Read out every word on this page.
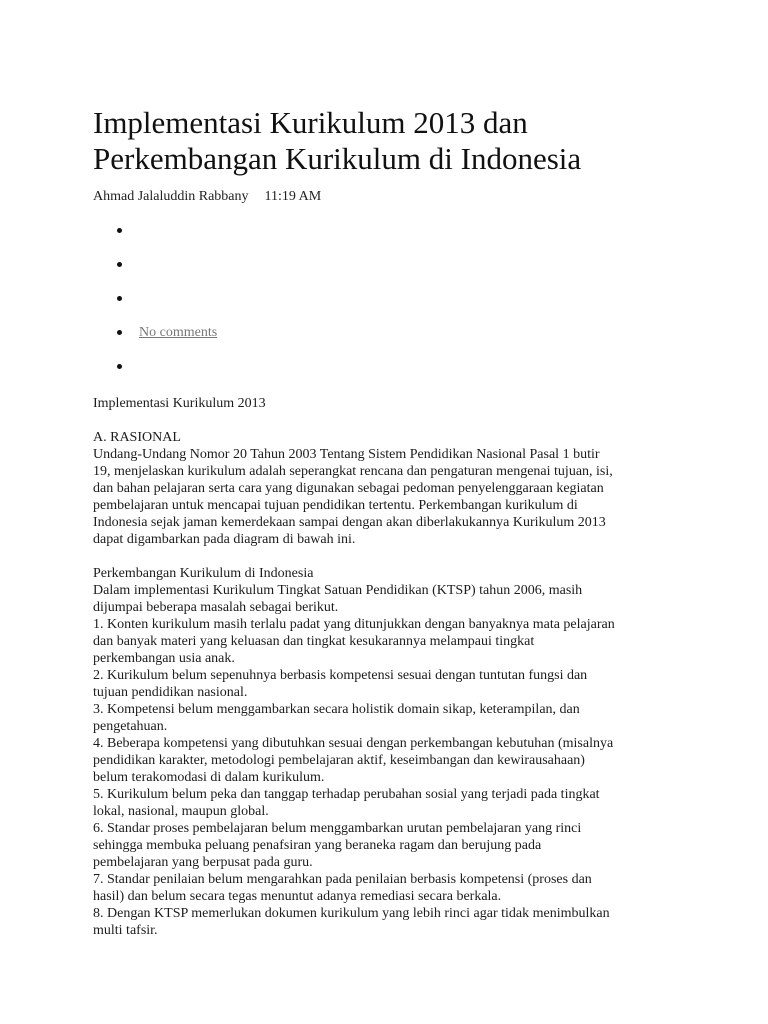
Implementasi Kurikulum 2013 dan
Perkembangan Kurikulum di Indonesia
Ahmad Jalaluddin Rabbany 11:19 AM
No comments

Implementasi Kurikulum 2013

A. RASIONAL

Undang-Undang Nomor 20 Tahun 2003 Tentang Sistem Pendidikan Nasional Pasal 1 butir

19, menjelaskan kurikulum adalah seperangkat rencana dan pengaturan mengenai tujuan, isi,

dan bahan pelajaran serta cara yang digunakan sebagai pedoman penyelenggaraan kegiatan

pembelajaran untuk mencapai tujuan pendidikan tertentu. Perkembangan kurikulum di

Indonesia sejak jaman kemerdekaan sampai dengan akan diberlakukannya Kurikulum 2013

dapat digambarkan pada diagram di bawah ini.

Perkembangan Kurikulum di Indonesia

Dalam implementasi Kurikulum Tingkat Satuan Pendidikan (KTSP) tahun 2006, masih

dijumpai beberapa masalah sebagai berikut.

1. Konten kurikulum masih terlalu padat yang ditunjukkan dengan banyaknya mata pelajaran

dan banyak materi yang keluasan dan tingkat kesukarannya melampaui tingkat

perkembangan usia anak.

2. Kurikulum belum sepenuhnya berbasis kompetensi sesuai dengan tuntutan fungsi dan

tujuan pendidikan nasional.

3. Kompetensi belum menggambarkan secara holistik domain sikap, keterampilan, dan

pengetahuan.

4. Beberapa kompetensi yang dibutuhkan sesuai dengan perkembangan kebutuhan (misalnya

pendidikan karakter, metodologi pembelajaran aktif, keseimbangan dan kewirausahaan)

belum terakomodasi di dalam kurikulum.

5. Kurikulum belum peka dan tanggap terhadap perubahan sosial yang terjadi pada tingkat

lokal, nasional, maupun global.

6. Standar proses pembelajaran belum menggambarkan urutan pembelajaran yang rinci

sehingga membuka peluang penafsiran yang beraneka ragam dan berujung pada

pembelajaran yang berpusat pada guru.

7. Standar penilaian belum mengarahkan pada penilaian berbasis kompetensi (proses dan

hasil) dan belum secara tegas menuntut adanya remediasi secara berkala.

8. Dengan KTSP memerlukan dokumen kurikulum yang lebih rinci agar tidak menimbulkan

multi tafsir.
